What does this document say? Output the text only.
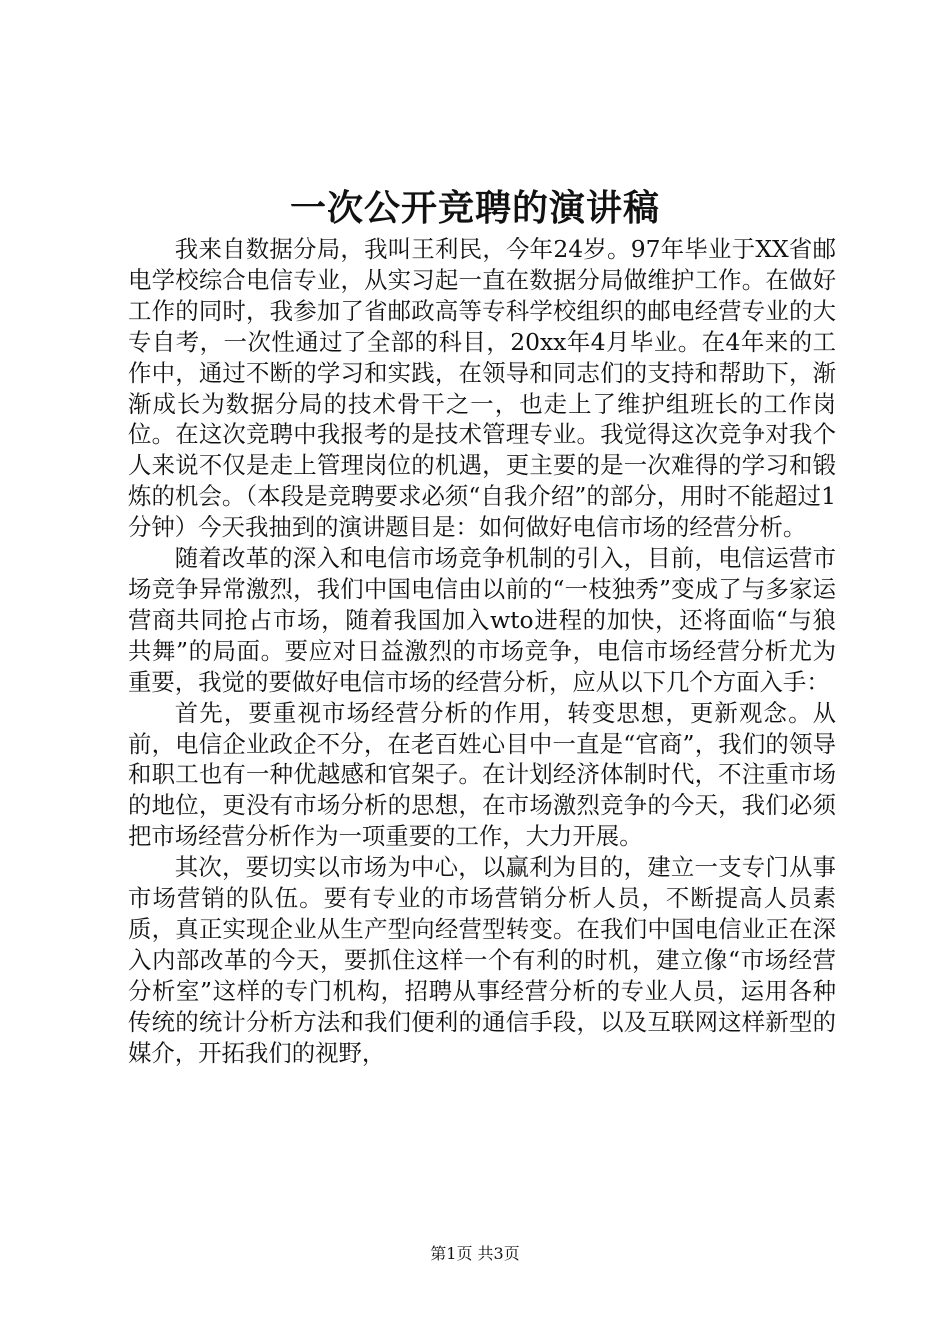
一次公开竞聘的演讲稿

我来自数据分局，我叫王利民，今年24岁。97年毕业于XX省邮电学校综合电信专业，从实习起一直在数据分局做维护工作。在做好工作的同时，我参加了省邮政高等专科学校组织的邮电经营专业的大专自考，一次性通过了全部的科目，20xx年4月毕业。在4年来的工作中，通过不断的学习和实践，在领导和同志们的支持和帮助下，渐渐成长为数据分局的技术骨干之一，也走上了维护组班长的工作岗位。在这次竞聘中我报考的是技术管理专业。我觉得这次竞争对我个人来说不仅是走上管理岗位的机遇，更主要的是一次难得的学习和锻炼的机会。（本段是竞聘要求必须“自我介绍”的部分，用时不能超过1分钟）今天我抽到的演讲题目是：如何做好电信市场的经营分析。

随着改革的深入和电信市场竞争机制的引入，目前，电信运营市场竞争异常激烈，我们中国电信由以前的“一枝独秀”变成了与多家运营商共同抢占市场，随着我国加入wto进程的加快，还将面临“与狼共舞”的局面。要应对日益激烈的市场竞争，电信市场经营分析尤为重要，我觉的要做好电信市场的经营分析，应从以下几个方面入手：

首先，要重视市场经营分析的作用，转变思想，更新观念。从前，电信企业政企不分，在老百姓心目中一直是“官商”，我们的领导和职工也有一种优越感和官架子。在计划经济体制时代，不注重市场的地位，更没有市场分析的思想，在市场激烈竞争的今天，我们必须把市场经营分析作为一项重要的工作，大力开展。

其次，要切实以市场为中心，以赢利为目的，建立一支专门从事市场营销的队伍。要有专业的市场营销分析人员，不断提高人员素质，真正实现企业从生产型向经营型转变。在我们中国电信业正在深入内部改革的今天，要抓住这样一个有利的时机，建立像“市场经营分析室”这样的专门机构，招聘从事经营分析的专业人员，运用各种传统的统计分析方法和我们便利的通信手段，以及互联网这样新型的媒介，开拓我们的视野，

第1页 共3页
